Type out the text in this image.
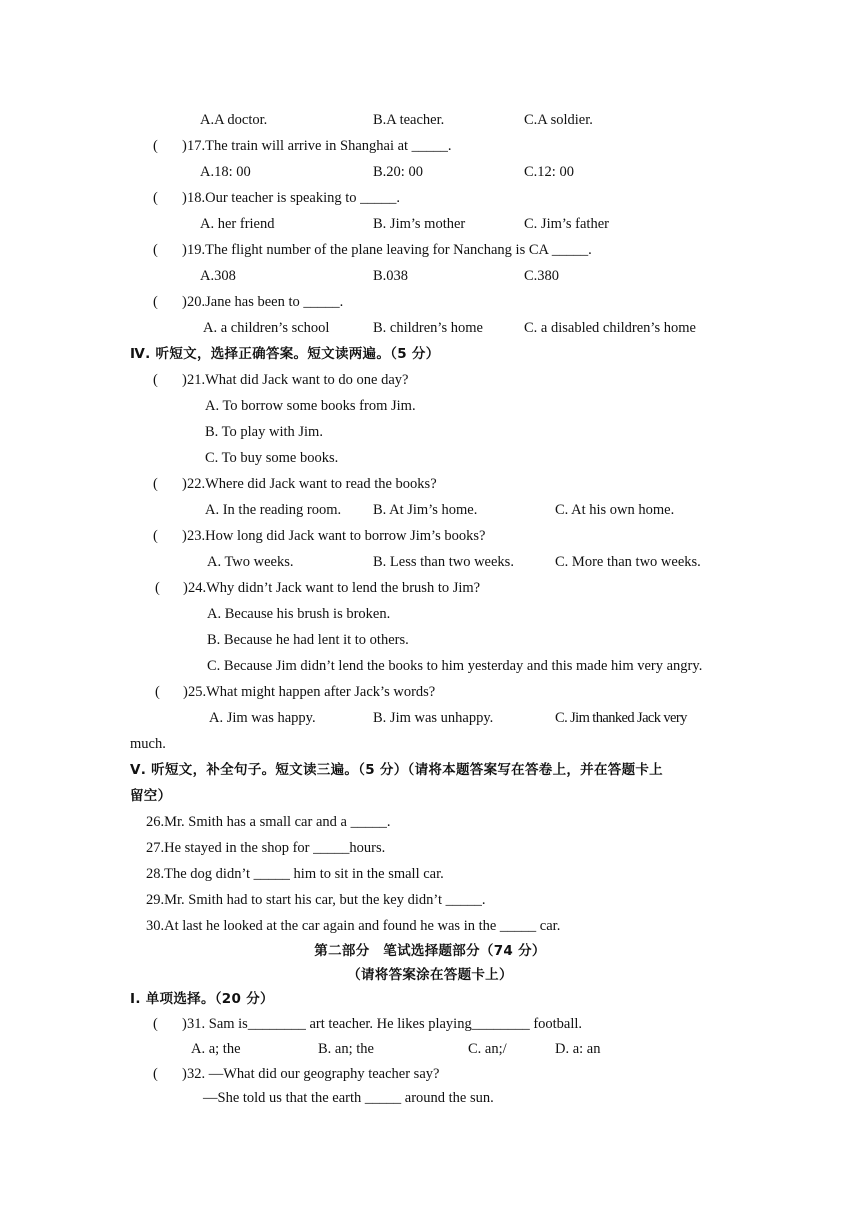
A.A doctor.	B.A teacher.	C.A soldier.
( ) 17.The train will arrive in Shanghai at _____.
A.18: 00	B.20: 00	C.12: 00
( ) 18.Our teacher is speaking to _____.
A. her friend	B. Jim’s mother	C. Jim’s father
( ) 19.The flight number of the plane leaving for Nanchang is CA _____.
A.308	B.038	C.380
( ) 20.Jane has been to _____.
A. a children’s school	B. children’s home	C. a disabled children’s home
Ⅳ. 听短文，选择正确答案。短文读两遍。（5 分）
( ) 21.What did Jack want to do one day?
A. To borrow some books from Jim.
B. To play with Jim.
C. To buy some books.
( ) 22.Where did Jack want to read the books?
A. In the reading room. B. At Jim’s home.	C. At his own home.
( ) 23.How long did Jack want to borrow Jim’s books?
A. Two weeks.	B. Less than two weeks.	C. More than two weeks.
( ) 24.Why didn’t Jack want to lend the brush to Jim?
A. Because his brush is broken.
B. Because he had lent it to others.
C. Because Jim didn’t lend the books to him yesterday and this made him very angry.
( ) 25.What might happen after Jack’s words?
A. Jim was happy.	B. Jim was unhappy.	C. Jim thanked Jack very
much.
Ⅴ. 听短文，补全句子。短文读三遍。（5 分）（请将本题答案写在答卷上，并在答题卡上
留空）
26.Mr. Smith has a small car and a _____.
27.He stayed in the shop for _____hours.
28.The dog didn’t _____ him to sit in the small car.
29.Mr. Smith had to start his car, but the key didn’t _____.
30.At last he looked at the car again and found he was in the _____ car.
第二部分　笔试选择题部分（74 分）
（请将答案涂在答题卡上）
Ⅰ. 单项选择。（20 分）
( ) 31. Sam is________ art teacher. He likes playing________ football.
A. a; the	B. an; the	C. an;/	D. a: an
( ) 32. —What did our geography teacher say?
—She told us that the earth _____ around the sun.
